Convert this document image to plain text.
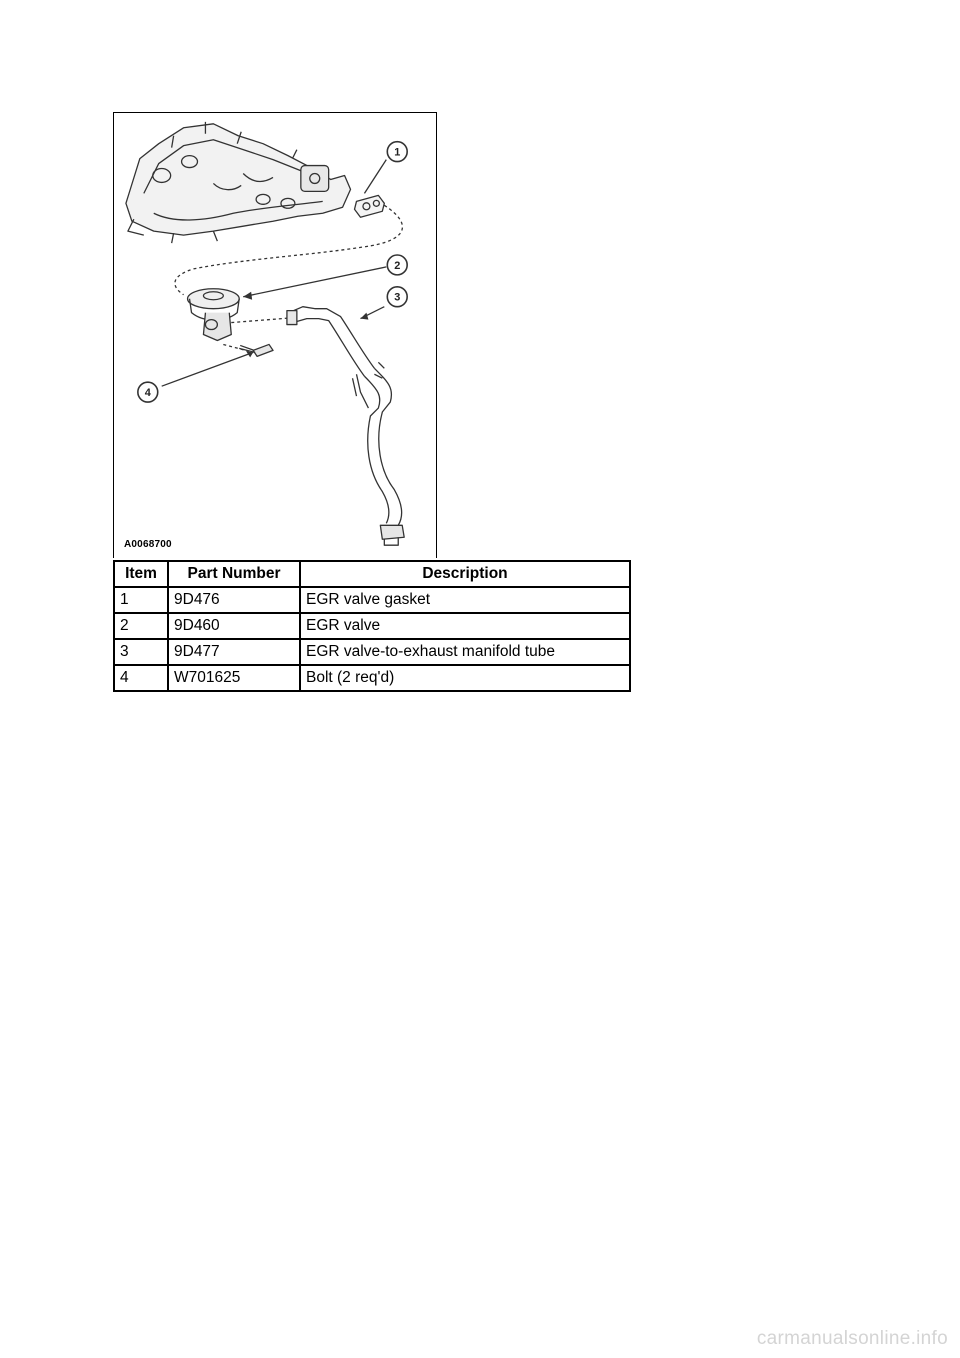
1
2
3
4
A0068700
Item	Part Number	Description
1	9D476	EGR valve gasket
2	9D460	EGR valve
3	9D477	EGR valve-to-exhaust manifold tube
4	W701625	Bolt (2 req'd)
carmanualsonline.info
